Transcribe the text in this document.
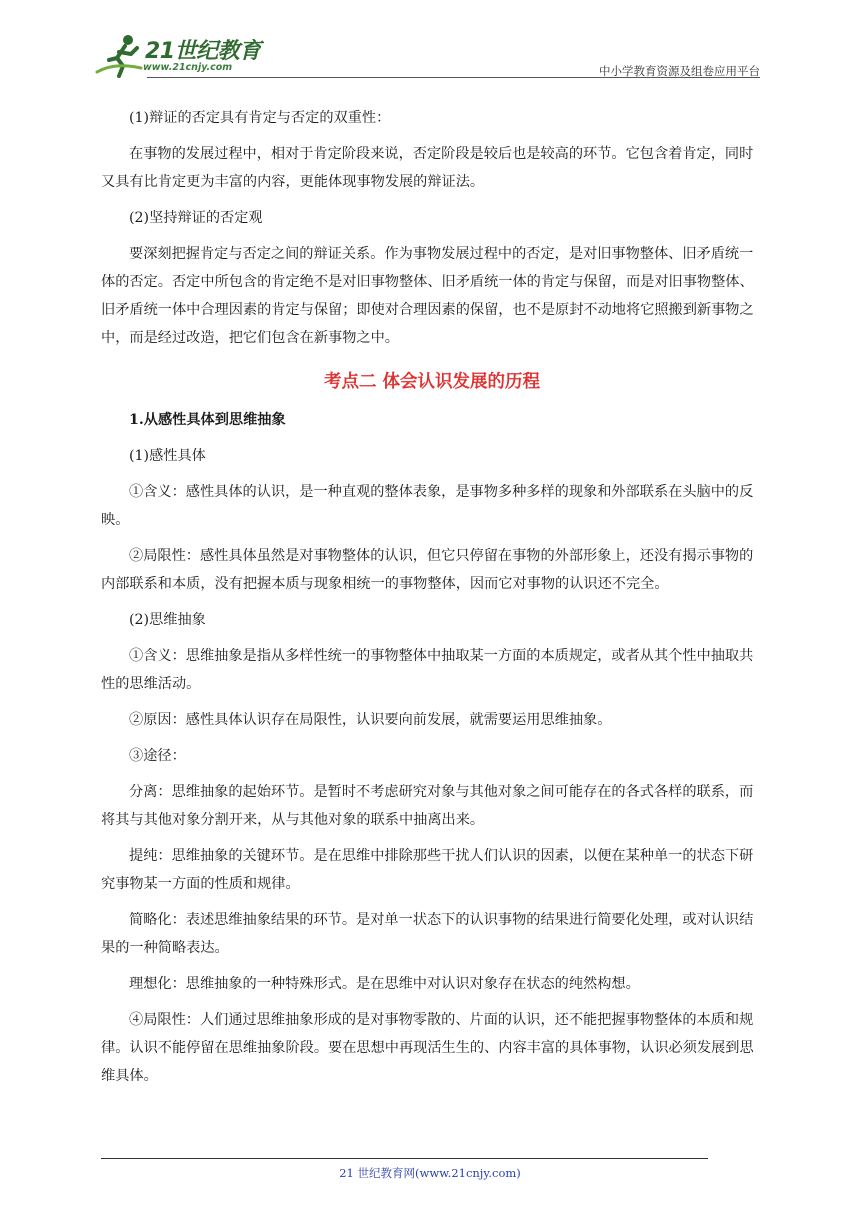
21世纪教育
www.21cnjy.com	中小学教育资源及组卷应用平台

(1)辩证的否定具有肯定与否定的双重性：

在事物的发展过程中，相对于肯定阶段来说，否定阶段是较后也是较高的环节。它包含着肯定，同时又具有比肯定更为丰富的内容，更能体现事物发展的辩证法。

(2)坚持辩证的否定观

要深刻把握肯定与否定之间的辩证关系。作为事物发展过程中的否定，是对旧事物整体、旧矛盾统一体的否定。否定中所包含的肯定绝不是对旧事物整体、旧矛盾统一体的肯定与保留，而是对旧事物整体、旧矛盾统一体中合理因素的肯定与保留；即使对合理因素的保留，也不是原封不动地将它照搬到新事物之中，而是经过改造，把它们包含在新事物之中。

考点二 体会认识发展的历程

1.从感性具体到思维抽象

(1)感性具体

①含义：感性具体的认识，是一种直观的整体表象，是事物多种多样的现象和外部联系在头脑中的反映。

②局限性：感性具体虽然是对事物整体的认识，但它只停留在事物的外部形象上，还没有揭示事物的内部联系和本质，没有把握本质与现象相统一的事物整体，因而它对事物的认识还不完全。

(2)思维抽象

①含义：思维抽象是指从多样性统一的事物整体中抽取某一方面的本质规定，或者从其个性中抽取共性的思维活动。

②原因：感性具体认识存在局限性，认识要向前发展，就需要运用思维抽象。

③途径：

分离：思维抽象的起始环节。是暂时不考虑研究对象与其他对象之间可能存在的各式各样的联系，而将其与其他对象分割开来，从与其他对象的联系中抽离出来。

提纯：思维抽象的关键环节。是在思维中排除那些干扰人们认识的因素，以便在某种单一的状态下研究事物某一方面的性质和规律。

简略化：表述思维抽象结果的环节。是对单一状态下的认识事物的结果进行简要化处理，或对认识结果的一种简略表达。

理想化：思维抽象的一种特殊形式。是在思维中对认识对象存在状态的纯然构想。

④局限性：人们通过思维抽象形成的是对事物零散的、片面的认识，还不能把握事物整体的本质和规律。认识不能停留在思维抽象阶段。要在思想中再现活生生的、内容丰富的具体事物，认识必须发展到思维具体。

21 世纪教育网(www.21cnjy.com)
